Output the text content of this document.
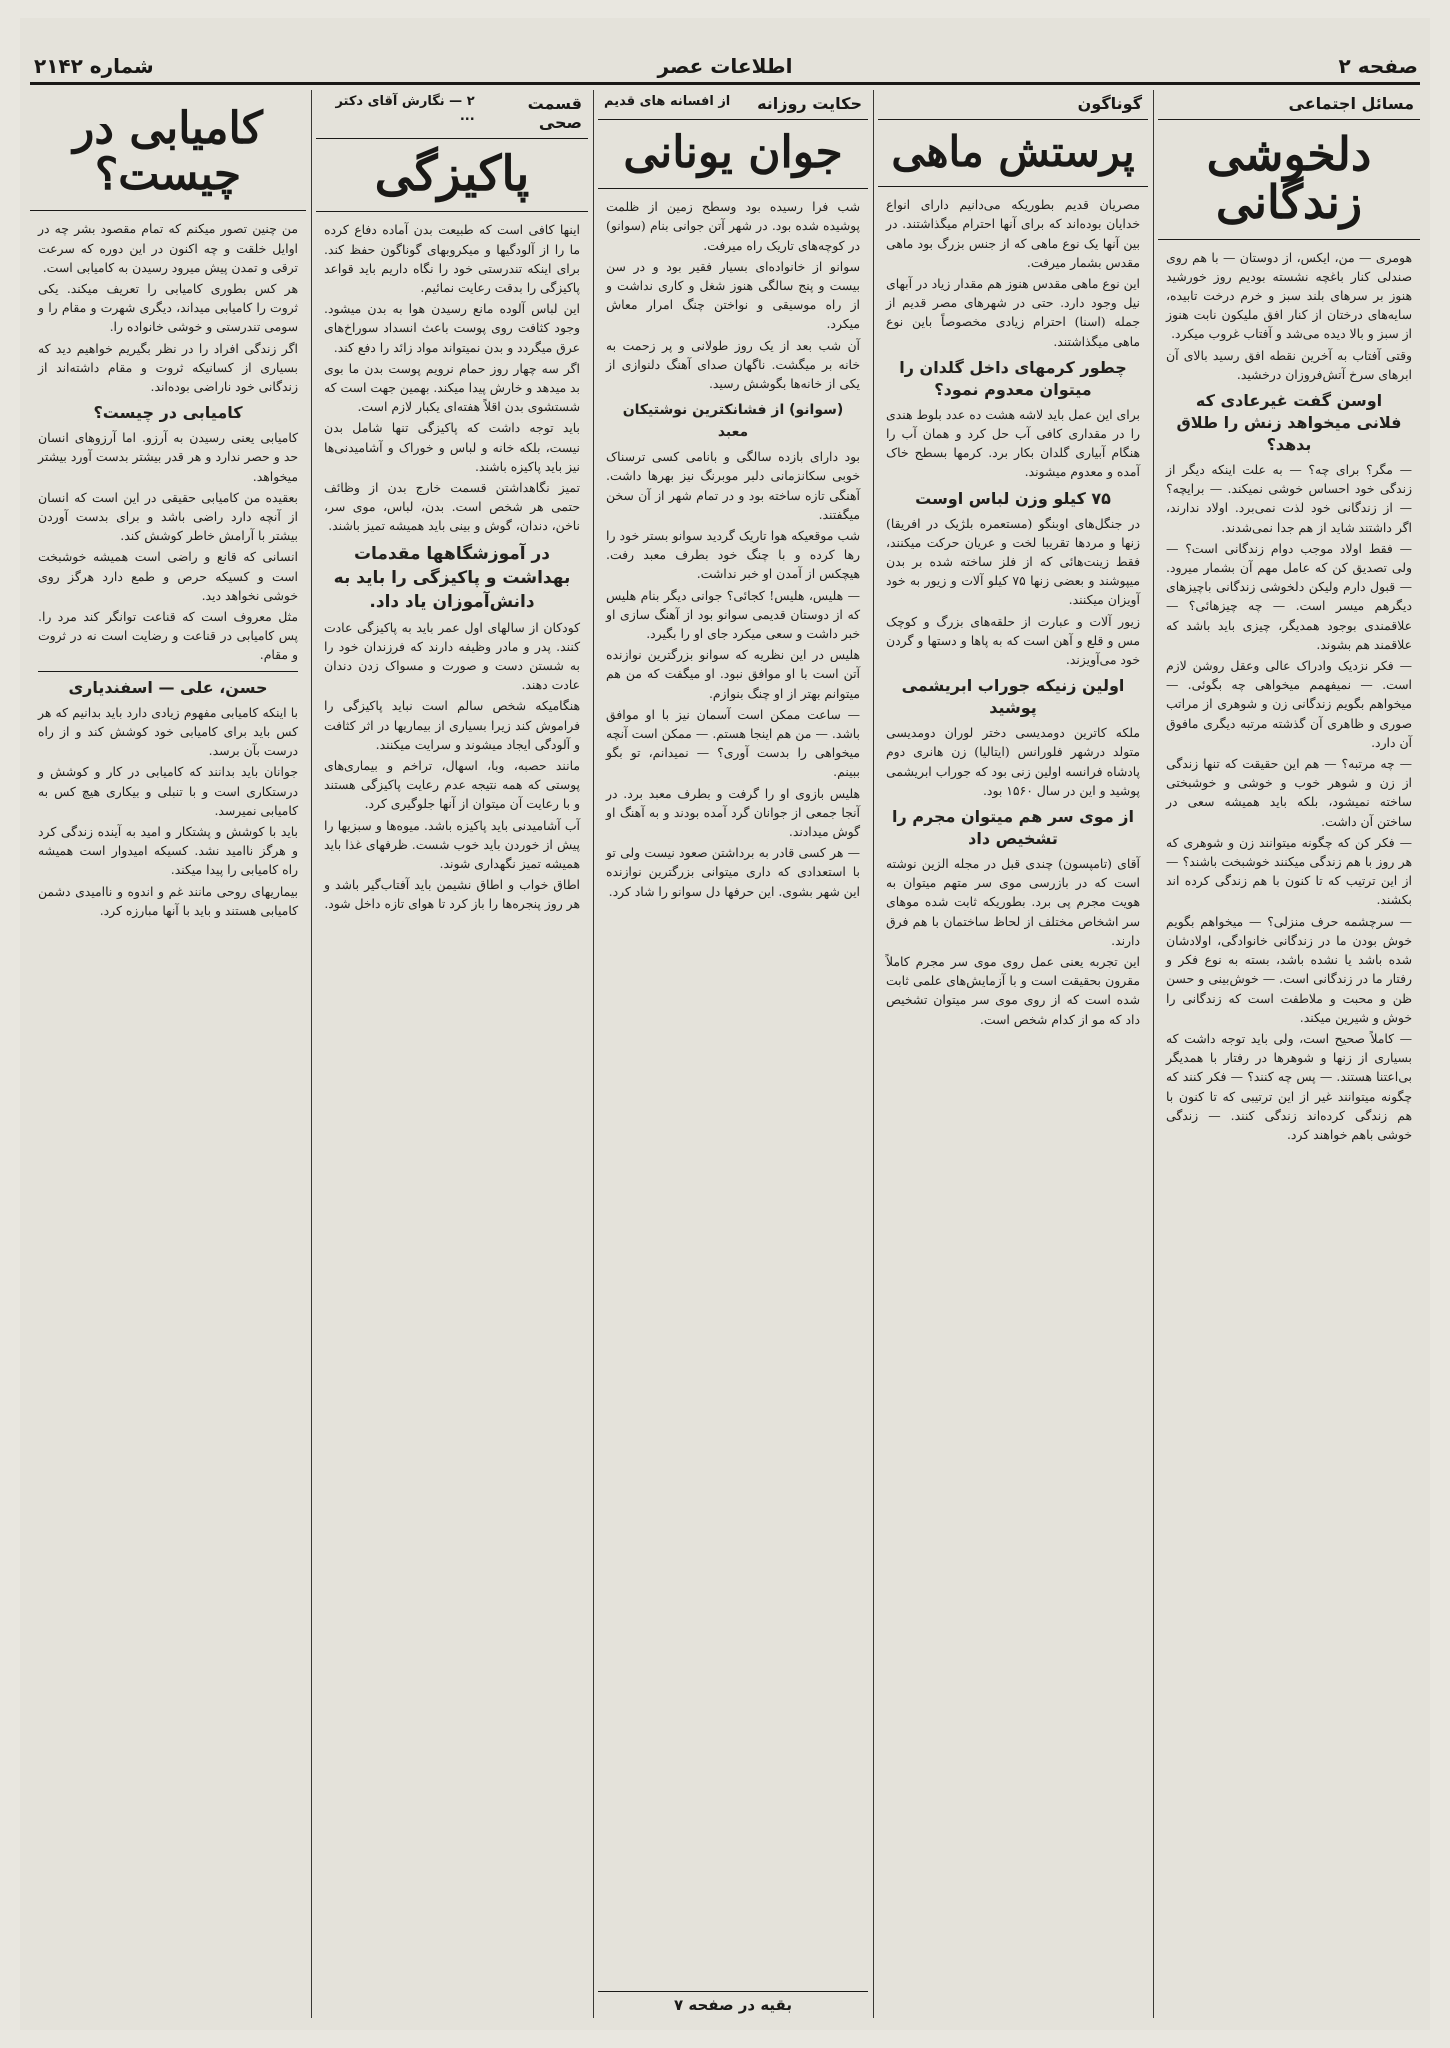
صفحه ۲
اطلاعات عصر
شماره ۲۱۴۲
مسائل اجتماعی
دلخوشی زندگانی

هومری — من، ایکس، از دوستان — با هم روی صندلی کنار باغچه نشسته بودیم روز خورشید هنوز بر سرهای بلند سبز و خرم درخت تابیده، سایه‌های درختان از کنار افق ملیکون نابت هنوز از سبز و بالا دیده می‌شد و آفتاب غروب میکرد.

وقتی آفتاب به آخرین نقطه افق رسید بالای آن ابرهای سرخ آتش‌فروزان درخشید.

اوسن گفت غیرعادی که فلانی میخواهد زنش را طلاق بدهد؟

— مگر؟ برای چه؟ — به علت اینکه دیگر از زندگی خود احساس خوشی نمیکند. — برایچه؟ — از زندگانی خود لذت نمی‌برد. اولاد ندارند، اگر داشتند شاید از هم جدا نمی‌شدند.

— فقط اولاد موجب دوام زندگانی است؟ — ولی تصدیق کن که عامل مهم آن بشمار میرود. — قبول دارم ولیکن دلخوشی زندگانی باچیزهای دیگرهم میسر است. — چه چیزهائی؟ — علاقمندی بوجود همدیگر، چیزی باید باشد که علاقمند هم بشوند.

— فکر نزدیک وادراک عالی وعقل روشن لازم است. — نمیفهمم میخواهی چه بگوئی. — میخواهم بگویم زندگانی زن و شوهری از مراتب صوری و ظاهری آن گذشته مرتبه دیگری مافوق آن دارد.

— چه مرتبه؟ — هم این حقیقت که تنها زندگی از زن و شوهر خوب و خوشی و خوشبختی ساخته نمیشود، بلکه باید همیشه سعی در ساختن آن داشت.

— فکر کن که چگونه میتوانند زن و شوهری که هر روز با هم زندگی میکنند خوشبخت باشند؟ — از این ترتیب که تا کنون با هم زندگی کرده اند بکشند.

— سرچشمه حرف منزلی؟ — میخواهم بگویم خوش بودن ما در زندگانی خانوادگی، اولادشان شده باشد یا نشده باشد، بسته به نوع فکر و رفتار ما در زندگانی است. — خوش‌بینی و حسن ظن و محبت و ملاطفت است که زندگانی را خوش و شیرین میکند.

— کاملاً صحیح است، ولی باید توجه داشت که بسیاری از زنها و شوهرها در رفتار با همدیگر بی‌اعتنا هستند. — پس چه کنند؟ — فکر کنند که چگونه میتوانند غیر از این ترتیبی که تا کنون با هم زندگی کرده‌اند زندگی کنند. — زندگی خوشی باهم خواهند کرد.

گوناگون
پرستش ماهی

مصریان قدیم بطوریکه می‌دانیم دارای انواع خدایان بوده‌اند که برای آنها احترام میگذاشتند. در بین آنها یک نوع ماهی که از جنس بزرگ بود ماهی مقدس بشمار میرفت.

این نوع ماهی مقدس هنوز هم مقدار زیاد در آبهای نیل وجود دارد. حتی در شهرهای مصر قدیم از جمله (اسنا) احترام زیادی مخصوصاً باین نوع ماهی میگذاشتند.

چطور کرمهای داخل گلدان را میتوان معدوم نمود؟

برای این عمل باید لاشه هشت ده عدد بلوط هندی را در مقداری کافی آب حل کرد و همان آب را هنگام آبیاری گلدان بکار برد. کرمها بسطح خاک آمده و معدوم میشوند.

۷۵ کیلو وزن لباس اوست

در جنگل‌های اوبنگو (مستعمره بلژیک در افریقا) زنها و مردها تقریبا لخت و عریان حرکت میکنند، فقط زینت‌هائی که از فلز ساخته شده بر بدن میپوشند و بعضی زنها ۷۵ کیلو آلات و زیور به خود آویزان میکنند.

زیور آلات و عبارت از حلقه‌های بزرگ و کوچک مس و قلع و آهن است که به پاها و دستها و گردن خود می‌آویزند.

اولین زنیکه جوراب ابریشمی پوشید

ملکه کاترین دومدیسی دختر لوران دومدیسی متولد درشهر فلورانس (ایتالیا) زن هانری دوم پادشاه فرانسه اولین زنی بود که جوراب ابریشمی پوشید و این در سال ۱۵۶۰ بود.

از موی سر هم میتوان مجرم را تشخیص داد

آقای (تامپسون) چندی قبل در مجله الزین نوشته است که در بازرسی موی سر متهم میتوان به هویت مجرم پی برد. بطوریکه ثابت شده موهای سر اشخاص مختلف از لحاظ ساختمان با هم فرق دارند.

این تجربه یعنی عمل روی موی سر مجرم کاملاً مقرون بحقیقت است و با آزمایش‌های علمی ثابت شده است که از روی موی سر میتوان تشخیص داد که مو از کدام شخص است.

حکایت روزانه
از افسانه های قدیم
جوان یونانی

شب فرا رسیده بود وسطح زمین از ظلمت پوشیده شده بود. در شهر آتن جوانی بنام (سوانو) در کوچه‌های تاریک راه میرفت.

سوانو از خانواده‌ای بسیار فقیر بود و در سن بیست و پنج سالگی هنوز شغل و کاری نداشت و از راه موسیقی و نواختن چنگ امرار معاش میکرد.

آن شب بعد از یک روز طولانی و پر زحمت به خانه بر میگشت. ناگهان صدای آهنگ دلنوازی از یکی از خانه‌ها بگوشش رسید.

(سوانو) از فشانکترین نوشتیکان معبد

بود دارای بازده سالگی و بانامی کسی ترسناک خوبی سکانزمانی دلبر موبرنگ نیز بهرها داشت. آهنگی تازه ساخته بود و در تمام شهر از آن سخن میگفتند.

شب موقعیکه هوا تاریک گردید سوانو بستر خود را رها کرده و با چنگ خود بطرف معبد رفت. هیچکس از آمدن او خبر نداشت.

— هلیس، هلیس! کجائی؟ جوانی دیگر بنام هلیس که از دوستان قدیمی سوانو بود از آهنگ سازی او خبر داشت و سعی میکرد جای او را بگیرد.

هلیس در این نظریه که سوانو بزرگترین نوازنده آتن است با او موافق نبود. او میگفت که من هم میتوانم بهتر از او چنگ بنوازم.

— ساعت ممکن است آسمان نیز با او موافق باشد. — من هم اینجا هستم. — ممکن است آنچه میخواهی را بدست آوری؟ — نمیدانم، تو بگو ببینم.

هلیس بازوی او را گرفت و بطرف معبد برد. در آنجا جمعی از جوانان گرد آمده بودند و به آهنگ او گوش میدادند.

— هر کسی قادر به برداشتن صعود نیست ولی تو با استعدادی که داری میتوانی بزرگترین نوازنده این شهر بشوی. این حرفها دل سوانو را شاد کرد.

بقیه در صفحه ۷
قسمت صحی
۲ — نگارش آقای دکتر ...
پاکیزگی

اینها کافی است که طبیعت بدن آماده دفاع کرده ما را از آلودگیها و میکروبهای گوناگون حفظ کند. برای اینکه تندرستی خود را نگاه داریم باید قواعد پاکیزگی را بدقت رعایت نمائیم.

این لباس آلوده مانع رسیدن هوا به بدن میشود. وجود کثافت روی پوست باعث انسداد سوراخ‌های عرق میگردد و بدن نمیتواند مواد زائد را دفع کند.

اگر سه چهار روز حمام نرویم پوست بدن ما بوی بد میدهد و خارش پیدا میکند. بهمین جهت است که شستشوی بدن اقلاً هفته‌ای یکبار لازم است.

باید توجه داشت که پاکیزگی تنها شامل بدن نیست، بلکه خانه و لباس و خوراک و آشامیدنی‌ها نیز باید پاکیزه باشند.

تمیز نگاهداشتن قسمت خارج بدن از وظائف حتمی هر شخص است. بدن، لباس، موی سر، ناخن، دندان، گوش و بینی باید همیشه تمیز باشند.

در آموزشگاهها مقدمات بهداشت و پاکیزگی را باید به دانش‌آموزان یاد داد.

کودکان از سالهای اول عمر باید به پاکیزگی عادت کنند. پدر و مادر وظیفه دارند که فرزندان خود را به شستن دست و صورت و مسواک زدن دندان عادت دهند.

هنگامیکه شخص سالم است نباید پاکیزگی را فراموش کند زیرا بسیاری از بیماریها در اثر کثافت و آلودگی ایجاد میشوند و سرایت میکنند.

مانند حصبه، وبا، اسهال، تراخم و بیماری‌های پوستی که همه نتیجه عدم رعایت پاکیزگی هستند و با رعایت آن میتوان از آنها جلوگیری کرد.

آب آشامیدنی باید پاکیزه باشد. میوه‌ها و سبزیها را پیش از خوردن باید خوب شست. ظرفهای غذا باید همیشه تمیز نگهداری شوند.

اطاق خواب و اطاق نشیمن باید آفتاب‌گیر باشد و هر روز پنجره‌ها را باز کرد تا هوای تازه داخل شود.

کامیابی در چیست؟

من چنین تصور میکنم که تمام مقصود بشر چه در اوایل خلقت و چه اکنون در این دوره که سرعت ترقی و تمدن پیش میرود رسیدن به کامیابی است.

هر کس بطوری کامیابی را تعریف میکند. یکی ثروت را کامیابی میداند، دیگری شهرت و مقام را و سومی تندرستی و خوشی خانواده را.

اگر زندگی افراد را در نظر بگیریم خواهیم دید که بسیاری از کسانیکه ثروت و مقام داشته‌اند از زندگانی خود ناراضی بوده‌اند.

کامیابی در چیست؟

کامیابی یعنی رسیدن به آرزو. اما آرزوهای انسان حد و حصر ندارد و هر قدر بیشتر بدست آورد بیشتر میخواهد.

بعقیده من کامیابی حقیقی در این است که انسان از آنچه دارد راضی باشد و برای بدست آوردن بیشتر با آرامش خاطر کوشش کند.

انسانی که قانع و راضی است همیشه خوشبخت است و کسیکه حرص و طمع دارد هرگز روی خوشی نخواهد دید.

مثل معروف است که قناعت توانگر کند مرد را. پس کامیابی در قناعت و رضایت است نه در ثروت و مقام.

حسن، علی — اسفندیاری

با اینکه کامیابی مفهوم زیادی دارد باید بدانیم که هر کس باید برای کامیابی خود کوشش کند و از راه درست بآن برسد.

جوانان باید بدانند که کامیابی در کار و کوشش و درستکاری است و با تنبلی و بیکاری هیچ کس به کامیابی نمیرسد.

باید با کوشش و پشتکار و امید به آینده زندگی کرد و هرگز ناامید نشد. کسیکه امیدوار است همیشه راه کامیابی را پیدا میکند.

بیماریهای روحی مانند غم و اندوه و ناامیدی دشمن کامیابی هستند و باید با آنها مبارزه کرد.
